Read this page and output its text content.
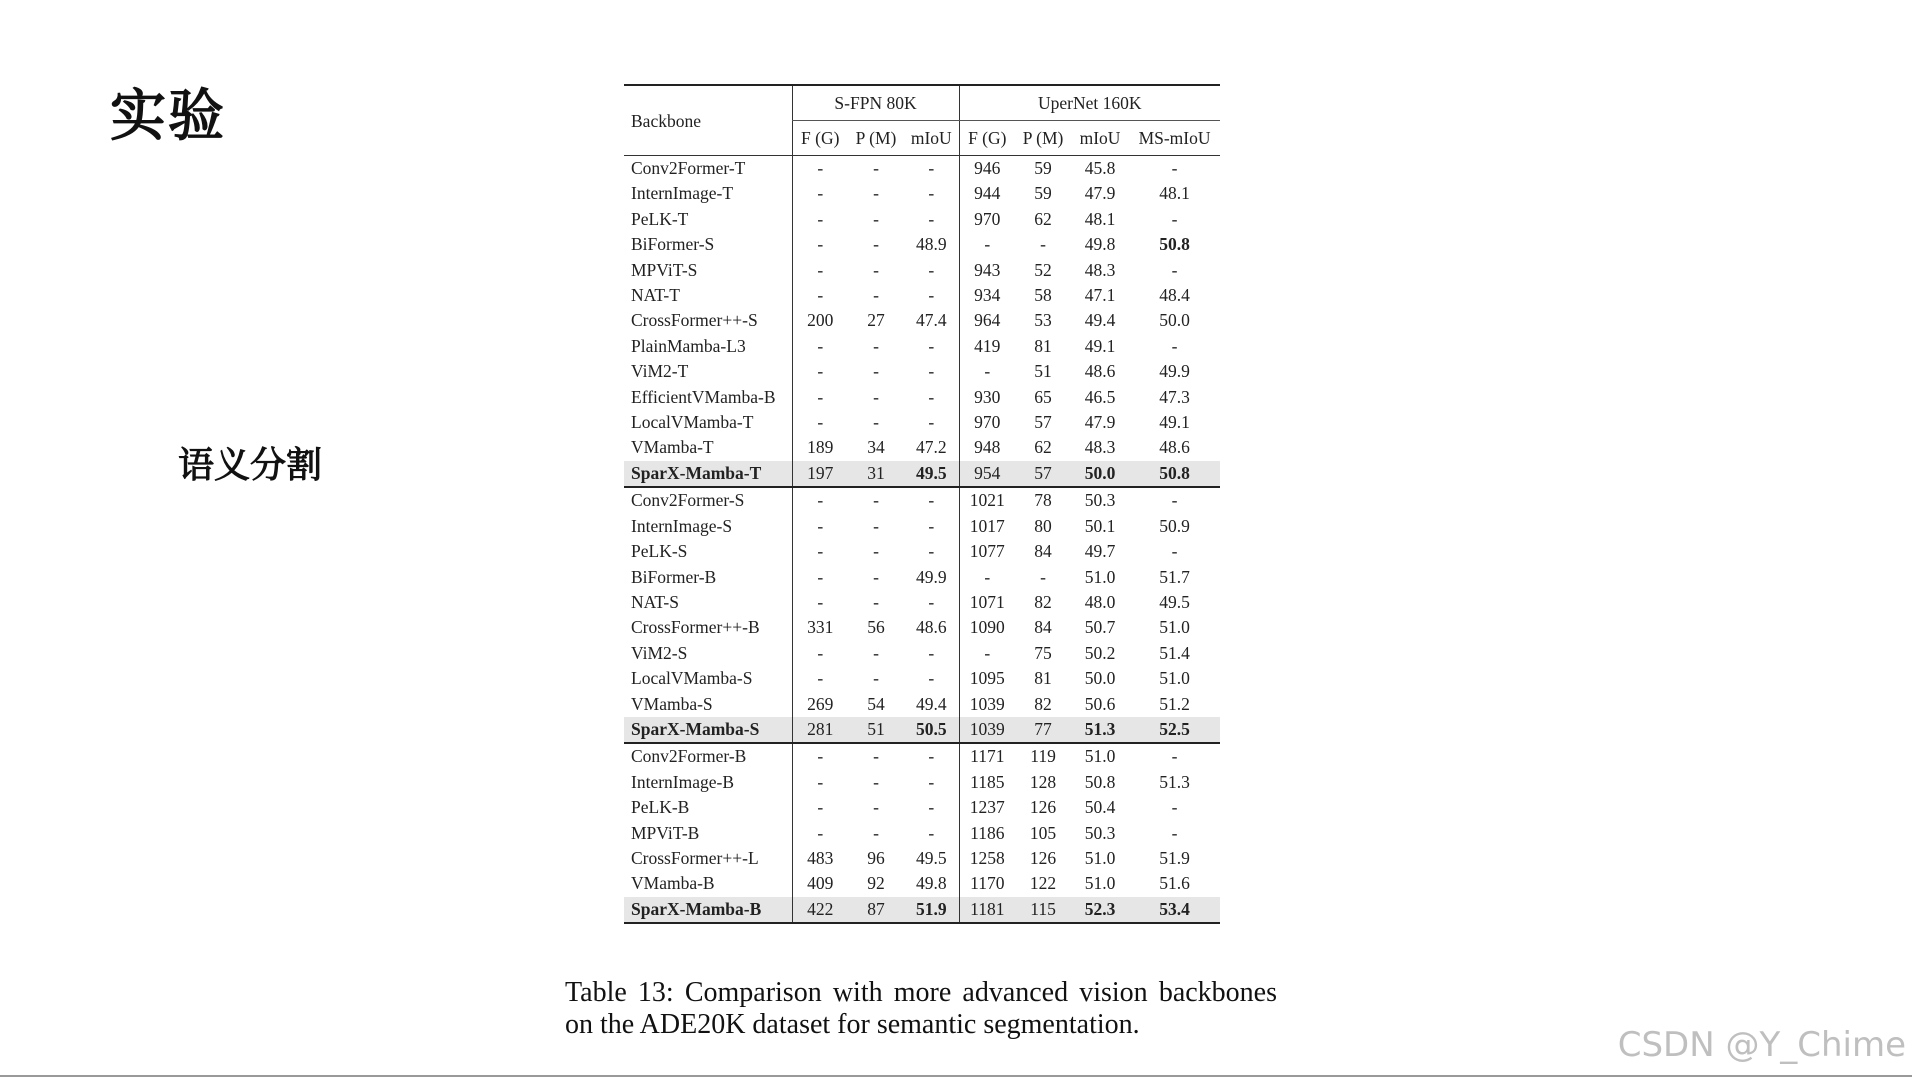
实验
语义分割
Backbone	S-FPN 80K			UperNet 160K			
	F (G)	P (M)	mIoU	F (G)	P (M)	mIoU	MS-mIoU
Conv2Former-T	-	-	-	946	59	45.8	-
InternImage-T	-	-	-	944	59	47.9	48.1
PeLK-T	-	-	-	970	62	48.1	-
BiFormer-S	-	-	48.9	-	-	49.8	50.8
MPViT-S	-	-	-	943	52	48.3	-
NAT-T	-	-	-	934	58	47.1	48.4
CrossFormer++-S	200	27	47.4	964	53	49.4	50.0
PlainMamba-L3	-	-	-	419	81	49.1	-
ViM2-T	-	-	-	-	51	48.6	49.9
EfficientVMamba-B	-	-	-	930	65	46.5	47.3
LocalVMamba-T	-	-	-	970	57	47.9	49.1
VMamba-T	189	34	47.2	948	62	48.3	48.6
SparX-Mamba-T	197	31	49.5	954	57	50.0	50.8
Conv2Former-S	-	-	-	1021	78	50.3	-
InternImage-S	-	-	-	1017	80	50.1	50.9
PeLK-S	-	-	-	1077	84	49.7	-
BiFormer-B	-	-	49.9	-	-	51.0	51.7
NAT-S	-	-	-	1071	82	48.0	49.5
CrossFormer++-B	331	56	48.6	1090	84	50.7	51.0
ViM2-S	-	-	-	-	75	50.2	51.4
LocalVMamba-S	-	-	-	1095	81	50.0	51.0
VMamba-S	269	54	49.4	1039	82	50.6	51.2
SparX-Mamba-S	281	51	50.5	1039	77	51.3	52.5
Conv2Former-B	-	-	-	1171	119	51.0	-
InternImage-B	-	-	-	1185	128	50.8	51.3
PeLK-B	-	-	-	1237	126	50.4	-
MPViT-B	-	-	-	1186	105	50.3	-
CrossFormer++-L	483	96	49.5	1258	126	51.0	51.9
VMamba-B	409	92	49.8	1170	122	51.0	51.6
SparX-Mamba-B	422	87	51.9	1181	115	52.3	53.4
Table 13: Comparison with more advanced vision backbones on the ADE20K dataset for semantic segmentation.
CSDN @Y_Chime
